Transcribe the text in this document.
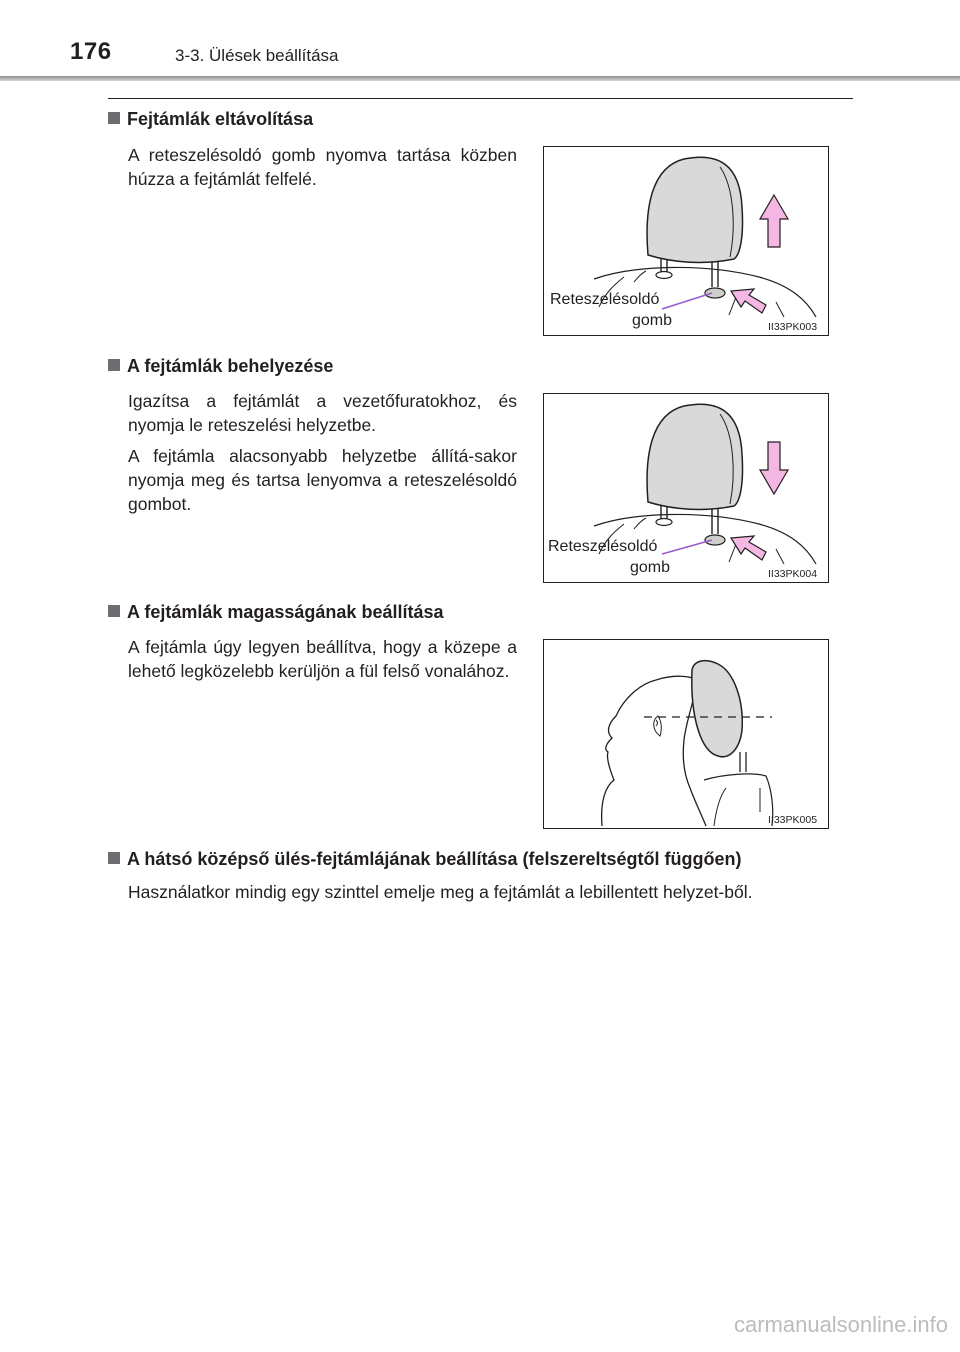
176	3-3. Ülések beállítása
Fejtámlák eltávolítása

A reteszelésoldó gomb nyomva tartása közben húzza a fejtámlát felfelé.

Reteszelésoldó
gomb	II33PK003
A fejtámlák behelyezése

Igazítsa a fejtámlát a vezetőfuratokhoz, és nyomja le reteszelési helyzetbe.

A fejtámla alacsonyabb helyzetbe állítá-sakor nyomja meg és tartsa lenyomva a reteszelésoldó gombot.

Reteszelésoldó
gomb	II33PK004
A fejtámlák magasságának beállítása

A fejtámla úgy legyen beállítva, hogy a közepe a lehető legközelebb kerüljön a fül felső vonalához.

II33PK005
A hátsó középső ülés-fejtámlájának beállítása (felszereltségtől függően)

Használatkor mindig egy szinttel emelje meg a fejtámlát a lebillentett helyzet-ből.

carmanualsonline.info
